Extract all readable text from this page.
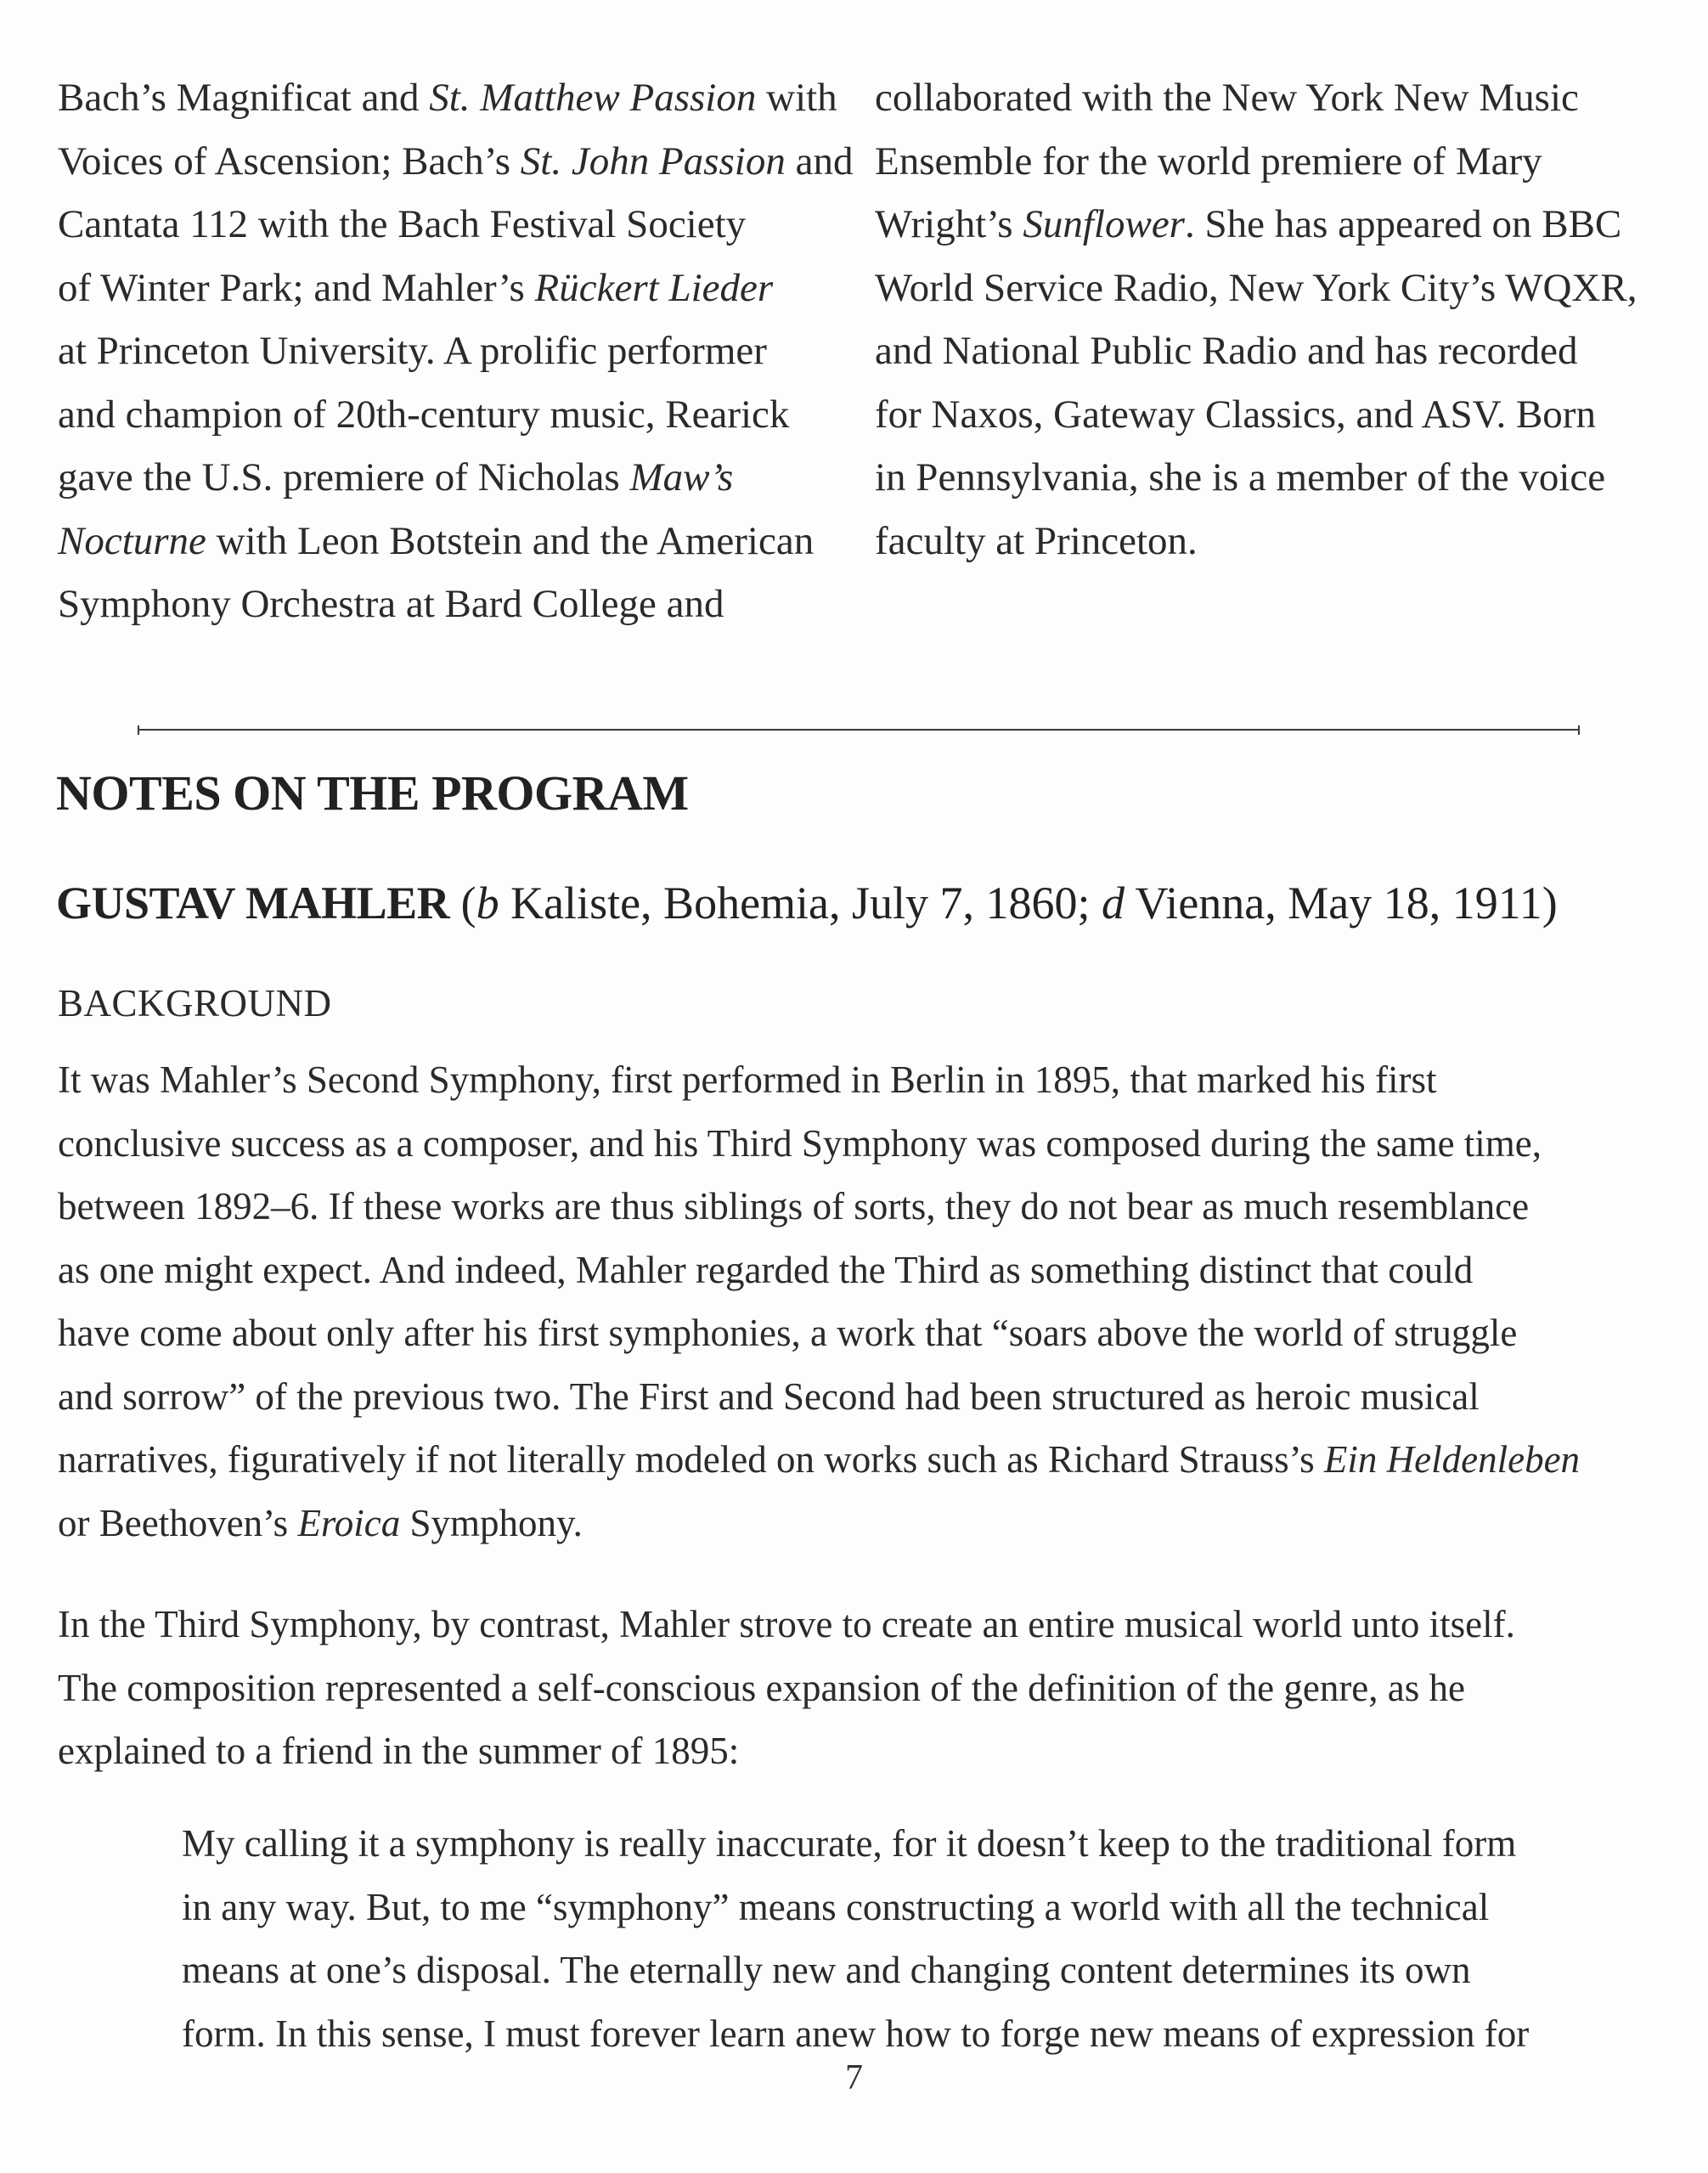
Bach’s Magnificat and St. Matthew Passion with
Voices of Ascension; Bach’s St. John Passion and
Cantata 112 with the Bach Festival Society
of Winter Park; and Mahler’s Rückert Lieder
at Princeton University. A prolific performer
and champion of 20th-century music, Rearick
gave the U.S. premiere of Nicholas Maw’s
Nocturne with Leon Botstein and the American
Symphony Orchestra at Bard College and
collaborated with the New York New Music
Ensemble for the world premiere of Mary
Wright’s Sunflower. She has appeared on BBC
World Service Radio, New York City’s WQXR,
and National Public Radio and has recorded
for Naxos, Gateway Classics, and ASV. Born
in Pennsylvania, she is a member of the voice
faculty at Princeton.
NOTES ON THE PROGRAM
GUSTAV MAHLER (b Kaliste, Bohemia, July 7, 1860; d Vienna, May 18, 1911)
BACKGROUND
It was Mahler’s Second Symphony, first performed in Berlin in 1895, that marked his first
conclusive success as a composer, and his Third Symphony was composed during the same time,
between 1892–6. If these works are thus siblings of sorts, they do not bear as much resemblance
as one might expect. And indeed, Mahler regarded the Third as something distinct that could
have come about only after his first symphonies, a work that “soars above the world of struggle
and sorrow” of the previous two. The First and Second had been structured as heroic musical
narratives, figuratively if not literally modeled on works such as Richard Strauss’s Ein Heldenleben
or Beethoven’s Eroica Symphony.
In the Third Symphony, by contrast, Mahler strove to create an entire musical world unto itself.
The composition represented a self-conscious expansion of the definition of the genre, as he
explained to a friend in the summer of 1895:
My calling it a symphony is really inaccurate, for it doesn’t keep to the traditional form
in any way. But, to me “symphony” means constructing a world with all the technical
means at one’s disposal. The eternally new and changing content determines its own
form. In this sense, I must forever learn anew how to forge new means of expression for
7
